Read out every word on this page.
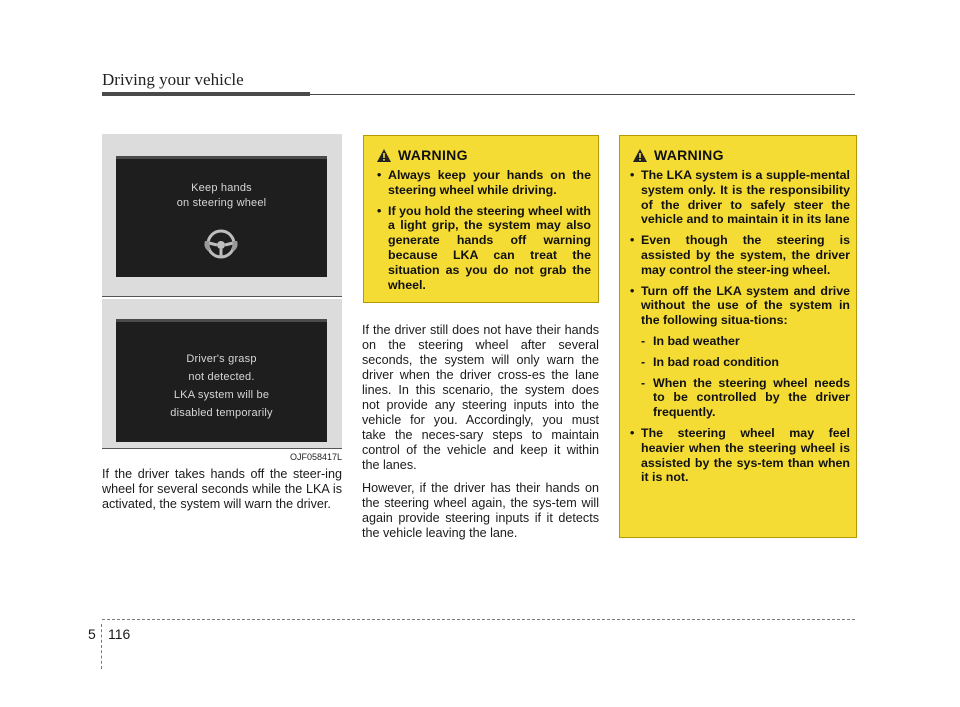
Driving your vehicle
Keep hands
on steering wheel
Driver's grasp
not detected.
LKA system will be
disabled temporarily
OJF058417L

If the driver takes hands off the steer-ing wheel for several seconds while the LKA is activated, the system will warn the driver.

WARNING
• Always keep your hands on the steering wheel while driving.
• If you hold the steering wheel with a light grip, the system may also generate hands off warning because LKA can treat the situation as you do not grab the wheel.

If the driver still does not have their hands on the steering wheel after several seconds, the system will only warn the driver when the driver cross-es the lane lines. In this scenario, the system does not provide any steering inputs into the vehicle for you. Accordingly, you must take the neces-sary steps to maintain control of the vehicle and keep it within the lanes.

However, if the driver has their hands on the steering wheel again, the sys-tem will again provide steering inputs if it detects the vehicle leaving the lane.

WARNING
• The LKA system is a supple-mental system only. It is the responsibility of the driver to safely steer the vehicle and to maintain it in its lane
• Even though the steering is assisted by the system, the driver may control the steer-ing wheel.
• Turn off the LKA system and drive without the use of the system in the following situa-tions:
- In bad weather
- In bad road condition
- When the steering wheel needs to be controlled by the driver frequently.
• The steering wheel may feel heavier when the steering wheel is assisted by the sys-tem than when it is not.
5 116
